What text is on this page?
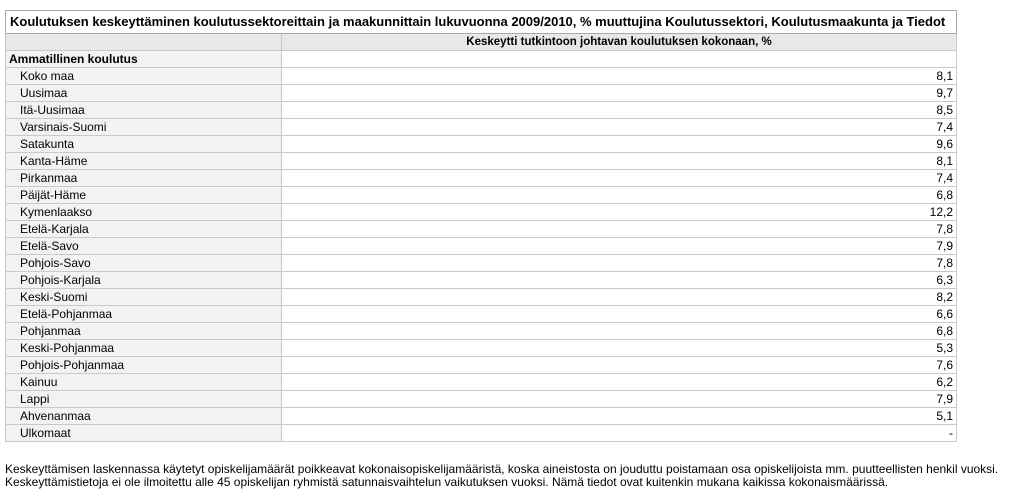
Koulutuksen keskeyttäminen koulutussektoreittain ja maakunnittain lukuvuonna 2009/2010, % muuttujina Koulutussektori, Koulutusmaakunta ja Tiedot	
	Keskeytti tutkintoon johtavan koulutuksen kokonaan, %
Ammatillinen koulutus	
Koko maa	8,1
Uusimaa	9,7
Itä-Uusimaa	8,5
Varsinais-Suomi	7,4
Satakunta	9,6
Kanta-Häme	8,1
Pirkanmaa	7,4
Päijät-Häme	6,8
Kymenlaakso	12,2
Etelä-Karjala	7,8
Etelä-Savo	7,9
Pohjois-Savo	7,8
Pohjois-Karjala	6,3
Keski-Suomi	8,2
Etelä-Pohjanmaa	6,6
Pohjanmaa	6,8
Keski-Pohjanmaa	5,3
Pohjois-Pohjanmaa	7,6
Kainuu	6,2
Lappi	7,9
Ahvenanmaa	5,1
Ulkomaat	-

Keskeyttämisen laskennassa käytetyt opiskelijamäärät poikkeavat kokonaisopiskelijamääristä, koska aineistosta on jouduttu poistamaan osa opiskelijoista mm. puutteellisten henkil vuoksi.

Keskeyttämistietoja ei ole ilmoitettu alle 45 opiskelijan ryhmistä satunnaisvaihtelun vaikutuksen vuoksi. Nämä tiedot ovat kuitenkin mukana kaikissa kokonaismäärissä.
